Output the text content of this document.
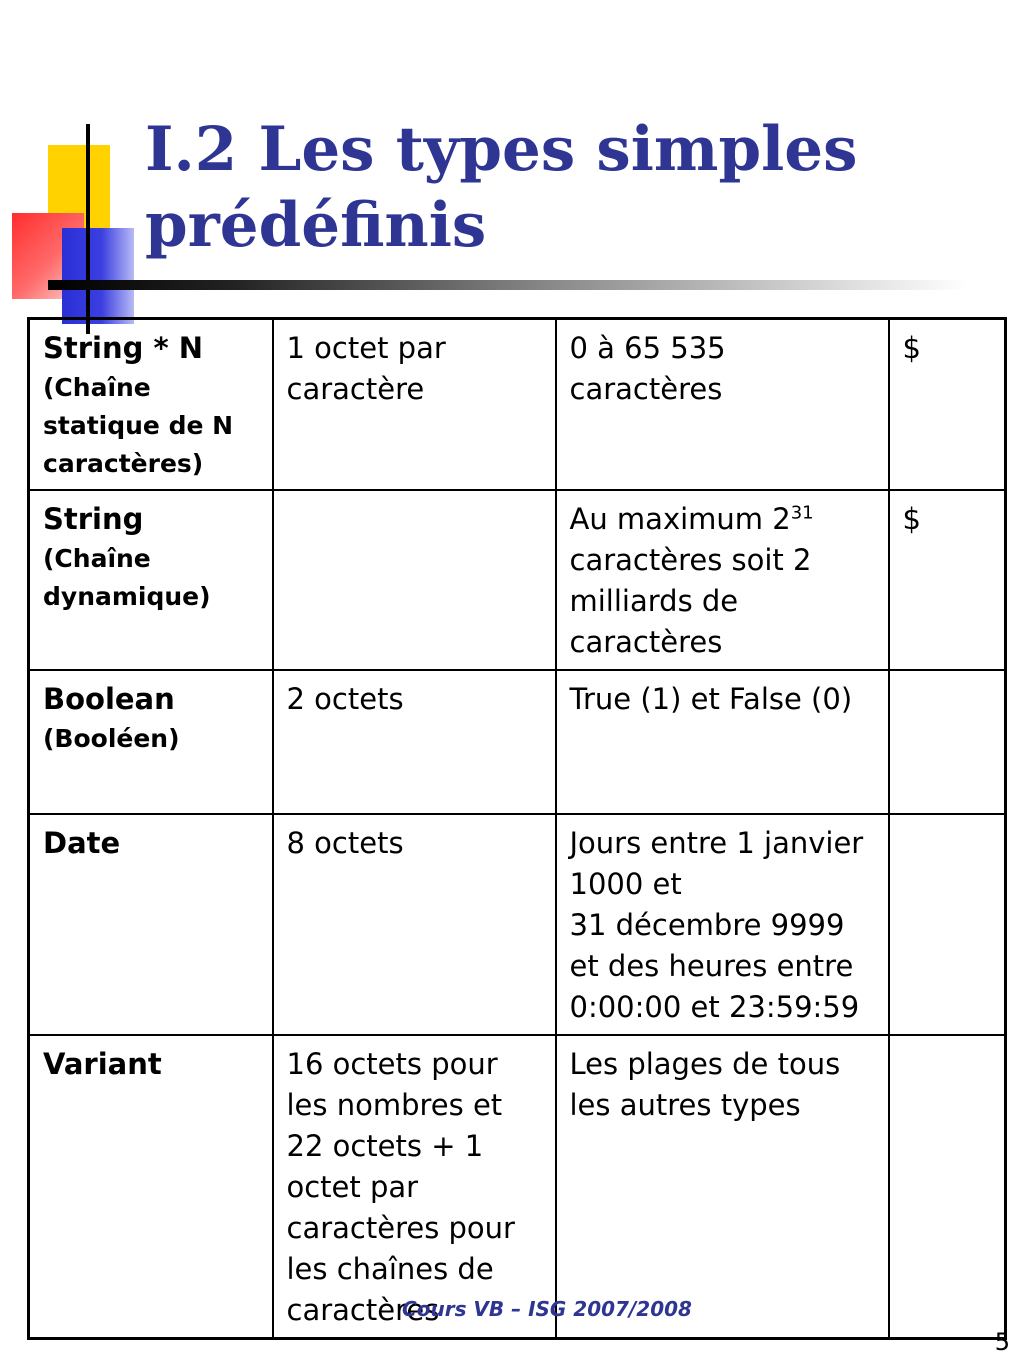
I.2 Les types simples
prédéfinis
String * N
(Chaîne statique de N caractères)	1 octet par caractère	0 à 65 535 caractères	$

String
(Chaîne dynamique)		Au maximum $2^{31}$ caractères soit 2 milliards de caractères	$

Boolean
(Booléen)	2 octets	True (1) et False (0)	

Date	8 octets	Jours entre 1 janvier 1000 et
31 décembre 9999 et des heures entre 0:00:00 et 23:59:59	

Variant	16 octets pour les nombres et 22 octets + 1 octet par caractères pour les chaînes de caractères	Les plages de tous les autres types	

Cours VB – ISG 2007/2008
5
